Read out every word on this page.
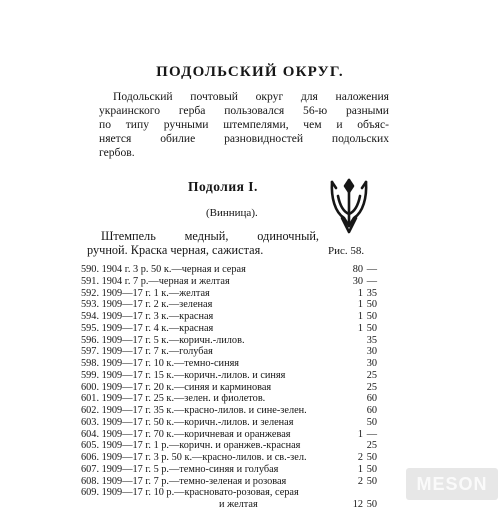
ПОДОЛЬСКИЙ ОКРУГ.
Подольский почтовый округ для наложения
украинского герба пользовался 56-ю разными
по типу ручными штемпелями, чем и объяс-
няется обилие разновидностей подольских
гербов.
Подолия I.
(Винница).
Штемпель медный, одиночный,
ручной. Краска черная, сажистая.	Рис. 58.
590. 1904 г. 3 р. 50 к.—черная и серая	80 —
591. 1904 г. 7 р.—черная и желтая	30 —
592. 1909—17 г. 1 к.—желтая	1 35
593. 1909—17 г. 2 к.—зеленая	1 50
594. 1909—17 г. 3 к.—красная	1 50
595. 1909—17 г. 4 к.—красная	1 50
596. 1909—17 г. 5 к.—коричн.-лилов.	35
597. 1909—17 г. 7 к.—голубая	30
598. 1909—17 г. 10 к.—темно-синяя	30
599. 1909—17 г. 15 к.—коричн.-лилов. и синяя	25
600. 1909—17 г. 20 к.—синяя и карминовая	25
601. 1909—17 г. 25 к.—зелен. и фиолетов.	60
602. 1909—17 г. 35 к.—красно-лилов. и сине-зелен.	60
603. 1909—17 г. 50 к.—коричн.-лилов. и зеленая	50
604. 1909—17 г. 70 к.—коричневая и оранжевая	1 —
605. 1909—17 г. 1 р.—коричн. и оранжев.-красная	25
606. 1909—17 г. 3 р. 50 к.—красно-лилов. и св.-зел.	2 50
607. 1909—17 г. 5 р.—темно-синяя и голубая	1 50
608. 1909—17 г. 7 р.—темно-зеленая и розовая	2 50
609. 1909—17 г. 10 р.—красновато-розовая, серая
и желтая	12 50
MESON
